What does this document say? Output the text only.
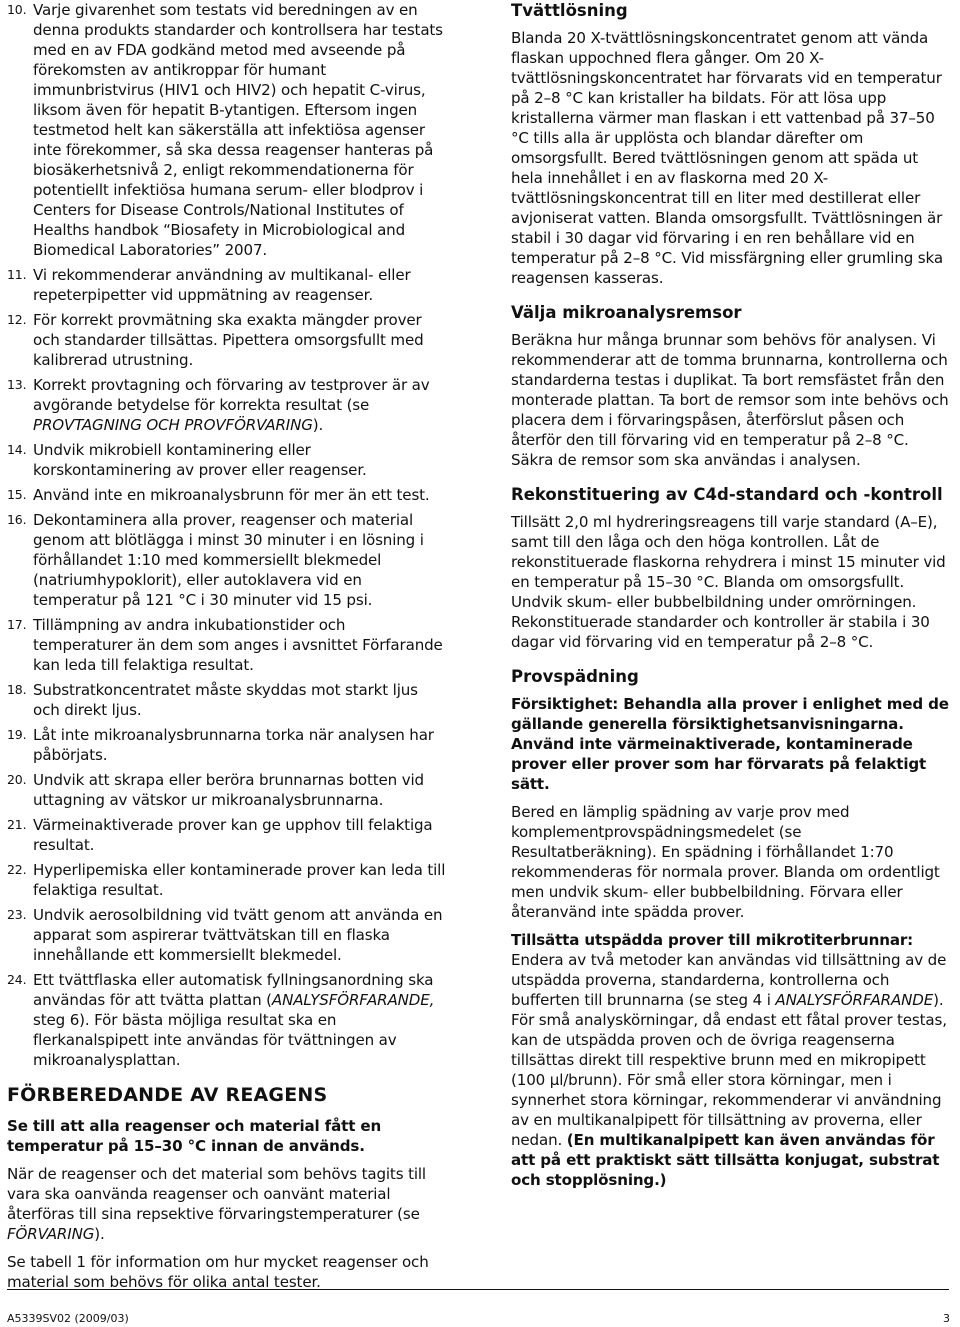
10. Varje givarenhet som testats vid beredningen av en denna produkts standarder och kontrollsera har testats med en av FDA godkänd metod med avseende på förekomsten av antikroppar för humant immunbristvirus (HIV1 och HIV2) och hepatit C-virus, liksom även för hepatit B-ytantigen. Eftersom ingen testmetod helt kan säkerställa att infektiösa agenser inte förekommer, så ska dessa reagenser hanteras på biosäkerhetsnivå 2, enligt rekommendationerna för potentiellt infektiösa humana serum- eller blodprov i Centers for Disease Controls/National Institutes of Healths handbok “Biosafety in Microbiological and Biomedical Laboratories” 2007.
11. Vi rekommenderar användning av multikanal- eller repeterpipetter vid uppmätning av reagenser.
12. För korrekt provmätning ska exakta mängder prover och standarder tillsättas. Pipettera omsorgsfullt med kalibrerad utrustning.
13. Korrekt provtagning och förvaring av testprover är av avgörande betydelse för korrekta resultat (se PROVTAGNING OCH PROVFÖRVARING).
14. Undvik mikrobiell kontaminering eller korskontaminering av prover eller reagenser.
15. Använd inte en mikroanalysbrunn för mer än ett test.
16. Dekontaminera alla prover, reagenser och material genom att blötlägga i minst 30 minuter i en lösning i förhållandet 1:10 med kommersiellt blekmedel (natriumhypoklorit), eller autoklavera vid en temperatur på 121 °C i 30 minuter vid 15 psi.
17. Tillämpning av andra inkubationstider och temperaturer än dem som anges i avsnittet Förfarande kan leda till felaktiga resultat.
18. Substratkoncentratet måste skyddas mot starkt ljus och direkt ljus.
19. Låt inte mikroanalysbrunnarna torka när analysen har påbörjats.
20. Undvik att skrapa eller beröra brunnarnas botten vid uttagning av vätskor ur mikroanalysbrunnarna.
21. Värmeinaktiverade prover kan ge upphov till felaktiga resultat.
22. Hyperlipemiska eller kontaminerade prover kan leda till felaktiga resultat.
23. Undvik aerosolbildning vid tvätt genom att använda en apparat som aspirerar tvättvätskan till en flaska innehållande ett kommersiellt blekmedel.
24. Ett tvättflaska eller automatisk fyllningsanordning ska användas för att tvätta plattan (ANALYSFÖRFARANDE, steg 6). För bästa möjliga resultat ska en flerkanalspipett inte användas för tvättningen av mikroanalysplattan.
FÖRBEREDANDE AV REAGENS

Se till att alla reagenser och material fått en temperatur på 15–30 °C innan de används.

När de reagenser och det material som behövs tagits till vara ska oanvända reagenser och oanvänt material återföras till sina repsektive förvaringstemperaturer (se FÖRVARING).

Se tabell 1 för information om hur mycket reagenser och material som behövs för olika antal tester.

Tvättlösning

Blanda 20 X-tvättlösningskoncentratet genom att vända flaskan uppochned flera gånger. Om 20 X-tvättlösningskoncentratet har förvarats vid en temperatur på 2–8 °C kan kristaller ha bildats. För att lösa upp kristallerna värmer man flaskan i ett vattenbad på 37–50 °C tills alla är upplösta och blandar därefter om omsorgsfullt. Bered tvättlösningen genom att späda ut hela innehållet i en av flaskorna med 20 X-tvättlösningskoncentrat till en liter med destillerat eller avjoniserat vatten. Blanda omsorgsfullt. Tvättlösningen är stabil i 30 dagar vid förvaring i en ren behållare vid en temperatur på 2–8 °C. Vid missfärgning eller grumling ska reagensen kasseras.

Välja mikroanalysremsor

Beräkna hur många brunnar som behövs för analysen. Vi rekommenderar att de tomma brunnarna, kontrollerna och standarderna testas i duplikat. Ta bort remsfästet från den monterade plattan. Ta bort de remsor som inte behövs och placera dem i förvaringspåsen, återförslut påsen och återför den till förvaring vid en temperatur på 2–8 °C. Säkra de remsor som ska användas i analysen.

Rekonstituering av C4d-standard och -kontroll

Tillsätt 2,0 ml hydreringsreagens till varje standard (A–E), samt till den låga och den höga kontrollen. Låt de rekonstituerade flaskorna rehydrera i minst 15 minuter vid en temperatur på 15–30 °C. Blanda om omsorgsfullt. Undvik skum- eller bubbelbildning under omrörningen. Rekonstituerade standarder och kontroller är stabila i 30 dagar vid förvaring vid en temperatur på 2–8 °C.

Provspädning

Försiktighet: Behandla alla prover i enlighet med de gällande generella försiktighetsanvisningarna. Använd inte värmeinaktiverade, kontaminerade prover eller prover som har förvarats på felaktigt sätt.

Bered en lämplig spädning av varje prov med komplementprovspädningsmedelet (se Resultatberäkning). En spädning i förhållandet 1:70 rekommenderas för normala prover. Blanda om ordentligt men undvik skum- eller bubbelbildning. Förvara eller återanvänd inte spädda prover.

Tillsätta utspädda prover till mikrotiterbrunnar: Endera av två metoder kan användas vid tillsättning av de utspädda proverna, standarderna, kontrollerna och bufferten till brunnarna (se steg 4 i ANALYSFÖRFARANDE). För små analyskörningar, då endast ett fåtal prover testas, kan de utspädda proven och de övriga reagenserna tillsättas direkt till respektive brunn med en mikropipett (100 µl/brunn). För små eller stora körningar, men i synnerhet stora körningar, rekommenderar vi användning av en multikanalpipett för tillsättning av proverna, eller nedan. (En multikanalpipett kan även användas för att på ett praktiskt sätt tillsätta konjugat, substrat och stopplösning.)

A5339SV02 (2009/03)	3
